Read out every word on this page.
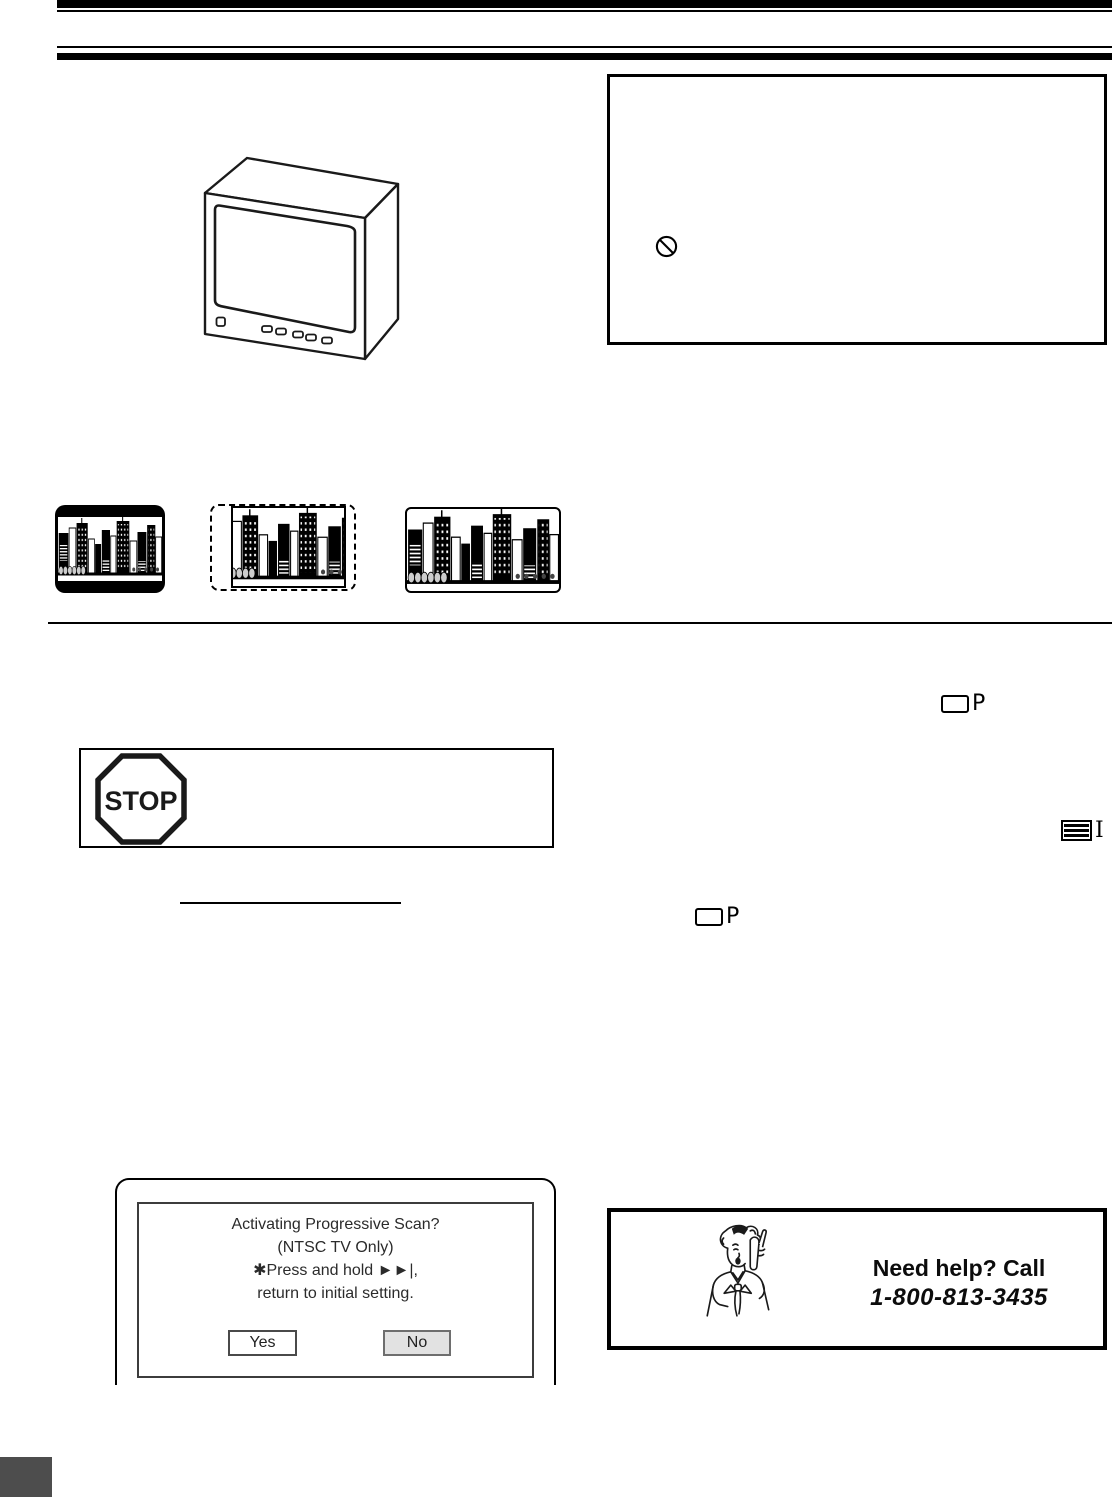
P
STOP
I
P
Activating Progressive Scan?
(NTSC TV Only)
✱Press and hold ►►|,
return to initial setting.
Yes	No
Need help? Call
1-800-813-3435
